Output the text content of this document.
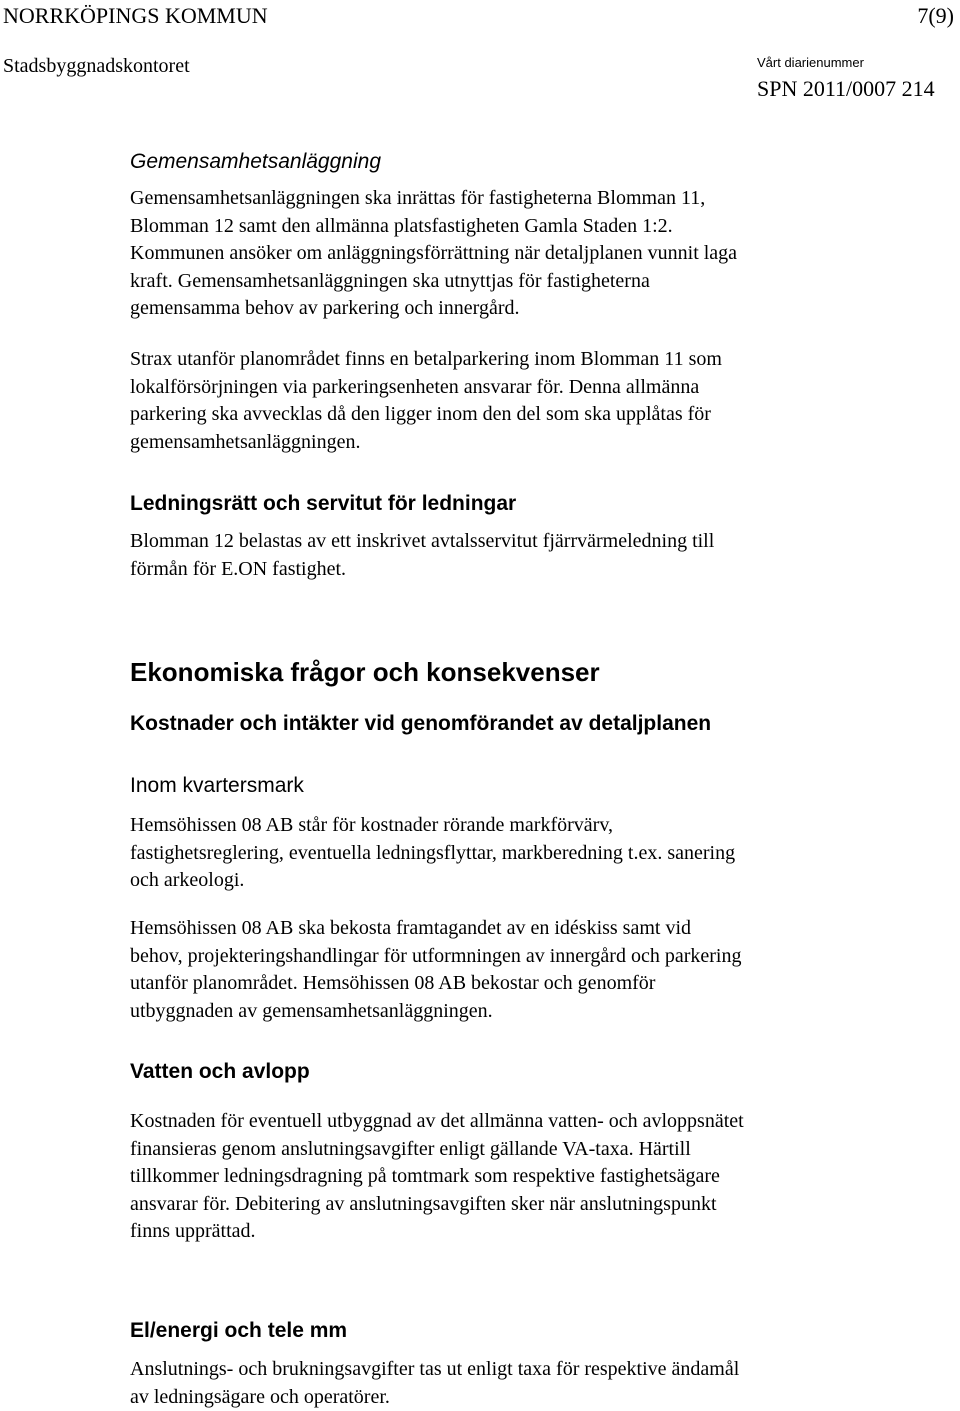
NORRKÖPINGS KOMMUN	7(9)
Stadsbyggnadskontoret	Vårt diarienummer
SPN 2011/0007 214
Gemensamhetsanläggning
Gemensamhetsanläggningen ska inrättas för fastigheterna Blomman 11,
Blomman 12 samt den allmänna platsfastigheten Gamla Staden 1:2.
Kommunen ansöker om anläggningsförrättning när detaljplanen vunnit laga
kraft. Gemensamhetsanläggningen ska utnyttjas för fastigheterna
gemensamma behov av parkering och innergård.
Strax utanför planområdet finns en betalparkering inom Blomman 11 som
lokalförsörjningen via parkeringsenheten ansvarar för. Denna allmänna
parkering ska avvecklas då den ligger inom den del som ska upplåtas för
gemensamhetsanläggningen.
Ledningsrätt och servitut för ledningar
Blomman 12 belastas av ett inskrivet avtalsservitut fjärrvärmeledning till
förmån för E.ON fastighet.
Ekonomiska frågor och konsekvenser
Kostnader och intäkter vid genomförandet av detaljplanen
Inom kvartersmark
Hemsöhissen 08 AB står för kostnader rörande markförvärv,
fastighetsreglering, eventuella ledningsflyttar, markberedning t.ex. sanering
och arkeologi.
Hemsöhissen 08 AB ska bekosta framtagandet av en idéskiss samt vid
behov, projekteringshandlingar för utformningen av innergård och parkering
utanför planområdet. Hemsöhissen 08 AB bekostar och genomför
utbyggnaden av gemensamhetsanläggningen.
Vatten och avlopp
Kostnaden för eventuell utbyggnad av det allmänna vatten- och avloppsnätet
finansieras genom anslutningsavgifter enligt gällande VA-taxa. Härtill
tillkommer ledningsdragning på tomtmark som respektive fastighetsägare
ansvarar för. Debitering av anslutningsavgiften sker när anslutningspunkt
finns upprättad.
El/energi och tele mm
Anslutnings- och brukningsavgifter tas ut enligt taxa för respektive ändamål
av ledningsägare och operatörer.
